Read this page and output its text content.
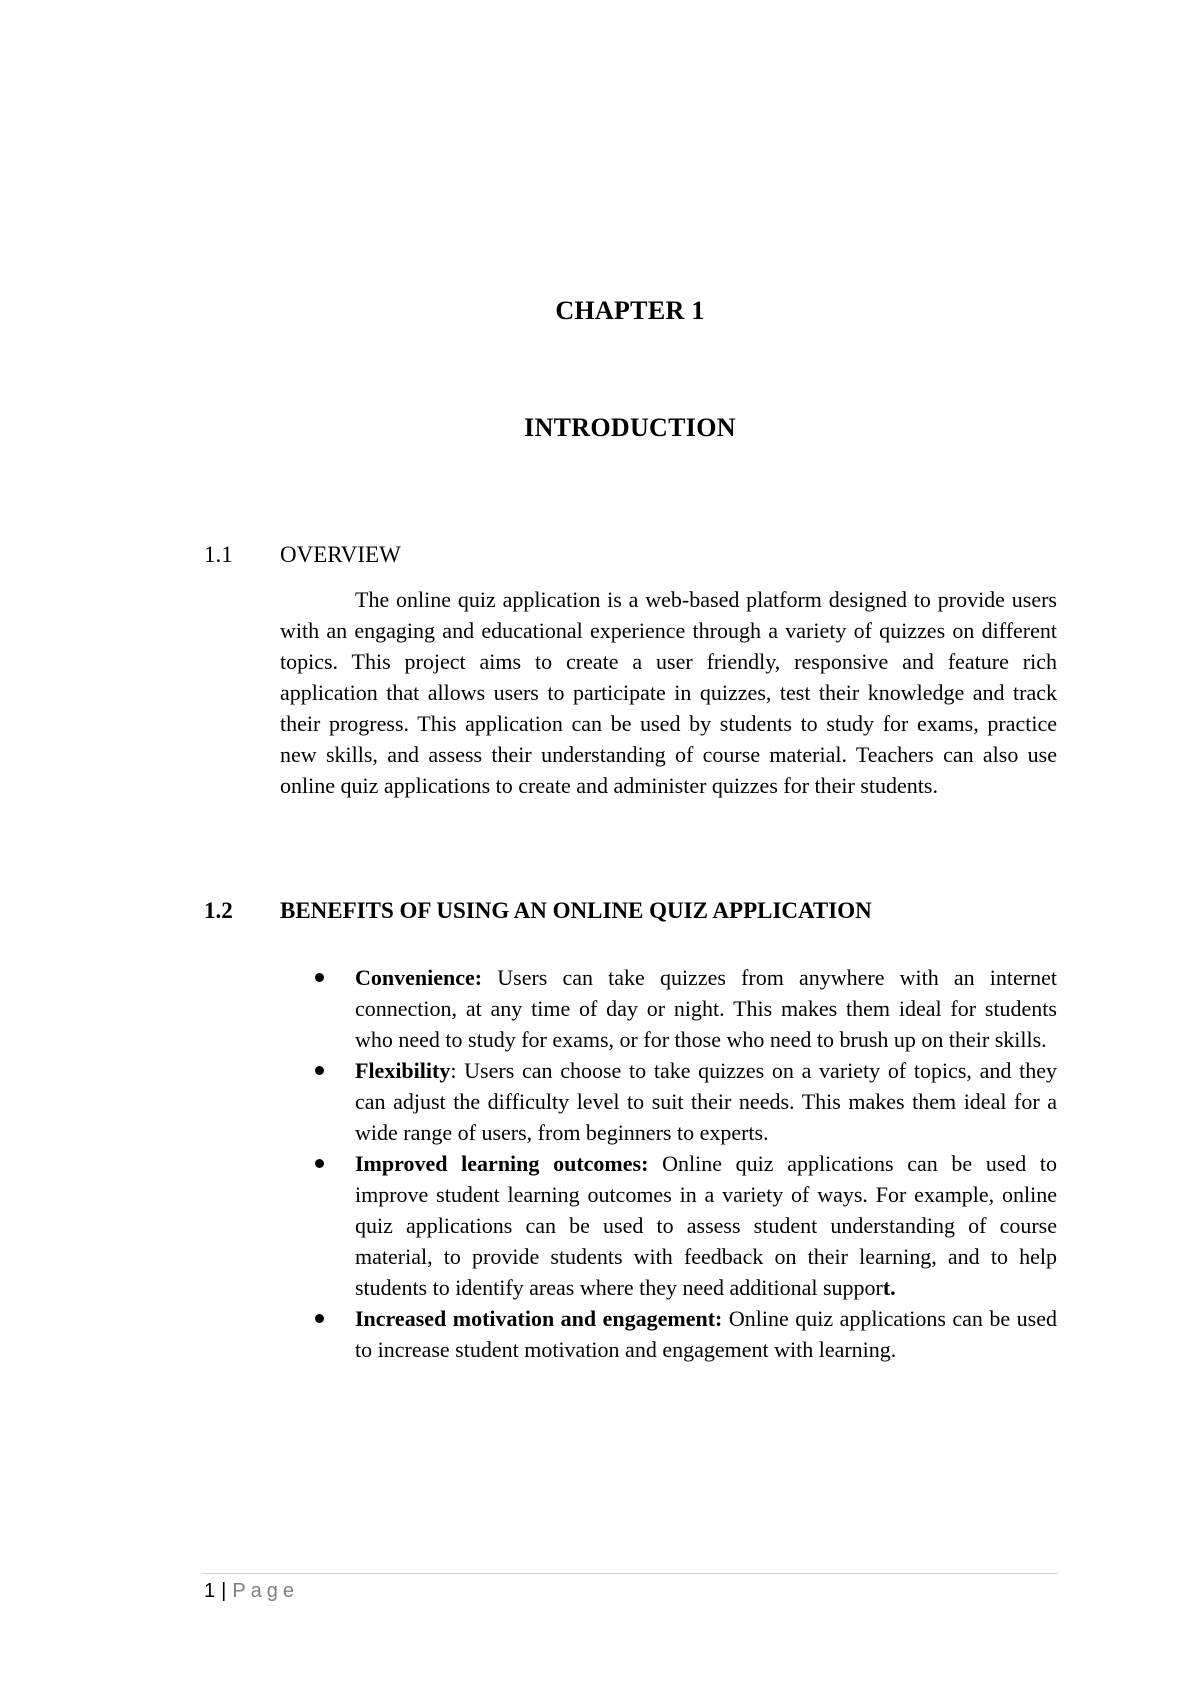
CHAPTER 1
INTRODUCTION
1.1 OVERVIEW
The online quiz application is a web-based platform designed to provide users with an engaging and educational experience through a variety of quizzes on different topics. This project aims to create a user friendly, responsive and feature rich application that allows users to participate in quizzes, test their knowledge and track their progress. This application can be used by students to study for exams, practice new skills, and assess their understanding of course material. Teachers can also use online quiz applications to create and administer quizzes for their students.
1.2 BENEFITS OF USING AN ONLINE QUIZ APPLICATION
Convenience: Users can take quizzes from anywhere with an internet connection, at any time of day or night. This makes them ideal for students who need to study for exams, or for those who need to brush up on their skills.
Flexibility: Users can choose to take quizzes on a variety of topics, and they can adjust the difficulty level to suit their needs. This makes them ideal for a wide range of users, from beginners to experts.
Improved learning outcomes: Online quiz applications can be used to improve student learning outcomes in a variety of ways. For example, online quiz applications can be used to assess student understanding of course material, to provide students with feedback on their learning, and to help students to identify areas where they need additional support.
Increased motivation and engagement: Online quiz applications can be used to increase student motivation and engagement with learning.
1 | Page
